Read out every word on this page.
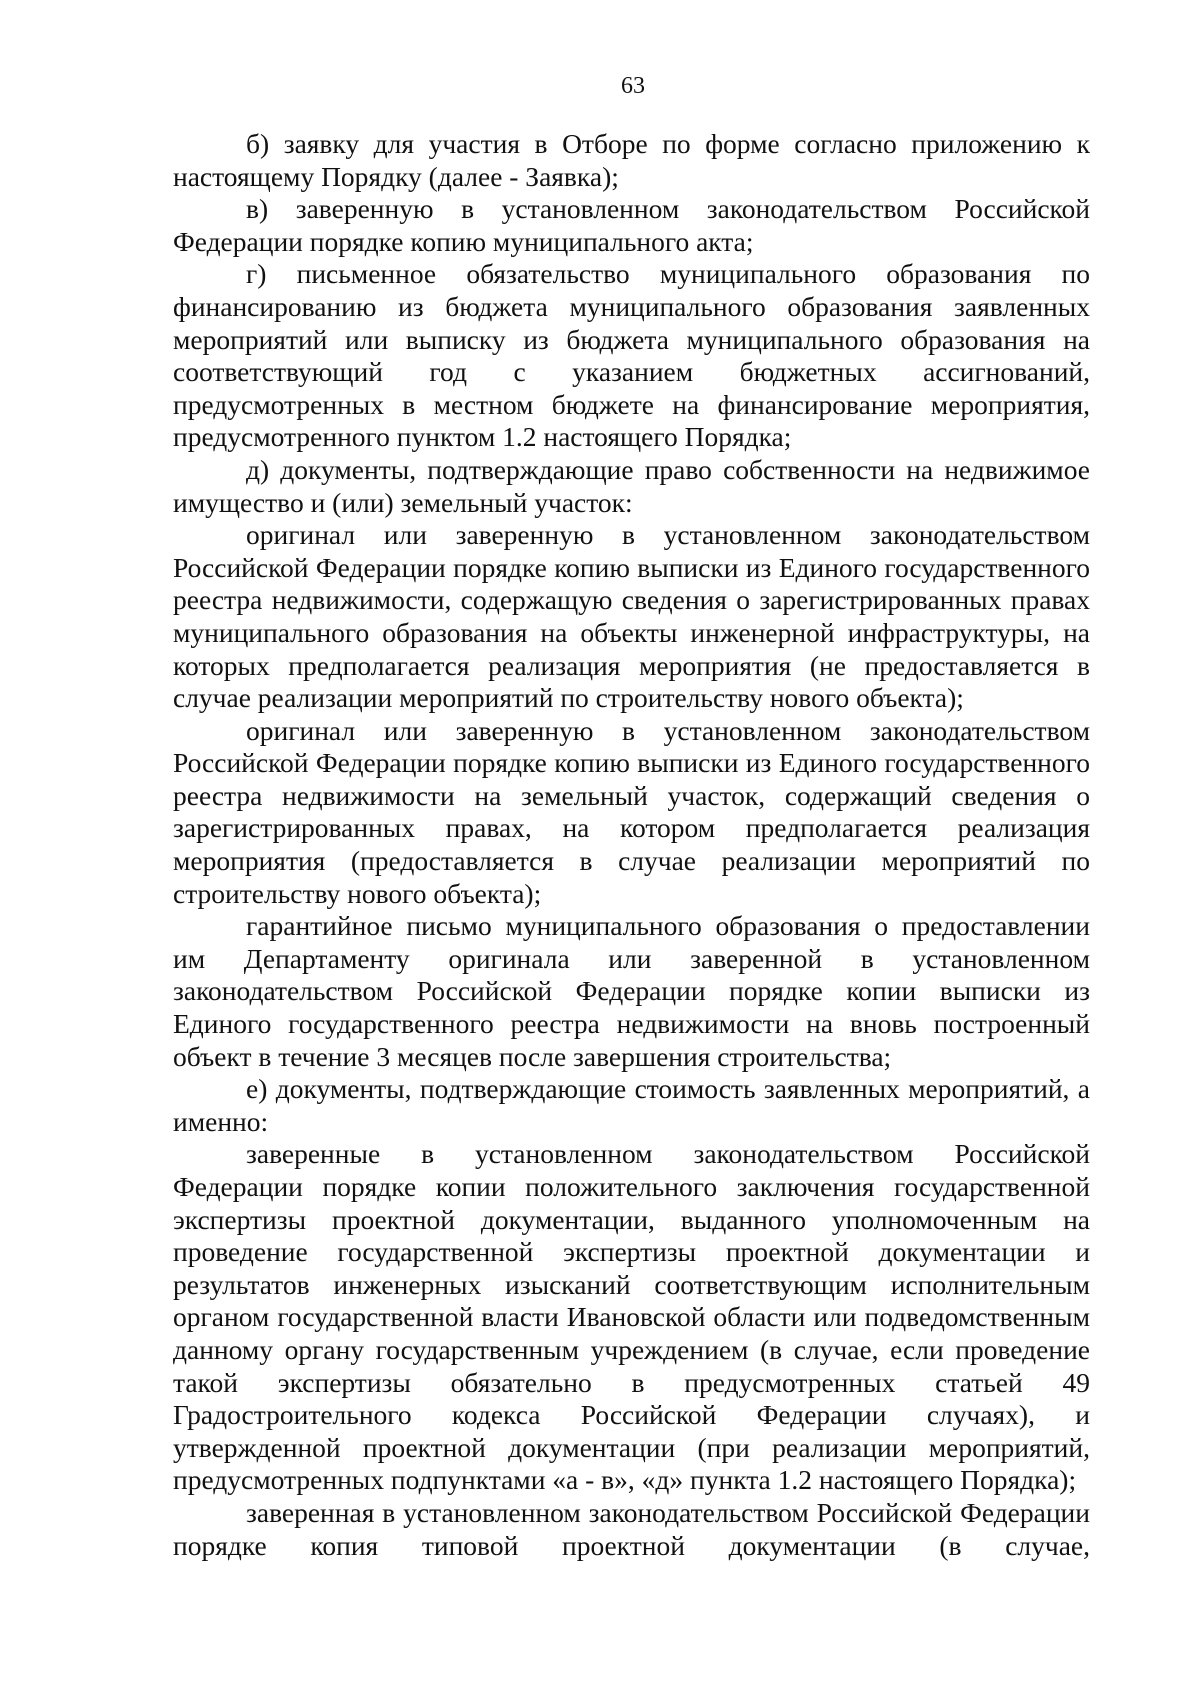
63

б) заявку для участия в Отборе по форме согласно приложению к настоящему Порядку (далее - Заявка);

в) заверенную в установленном законодательством Российской Федерации порядке копию муниципального акта;

г) письменное обязательство муниципального образования по финансированию из бюджета муниципального образования заявленных мероприятий или выписку из бюджета муниципального образования на соответствующий год с указанием бюджетных ассигнований, предусмотренных в местном бюджете на финансирование мероприятия, предусмотренного пунктом 1.2 настоящего Порядка;

д) документы, подтверждающие право собственности на недвижимое имущество и (или) земельный участок:

оригинал или заверенную в установленном законодательством Российской Федерации порядке копию выписки из Единого государственного реестра недвижимости, содержащую сведения о зарегистрированных правах муниципального образования на объекты инженерной инфраструктуры, на которых предполагается реализация мероприятия (не предоставляется в случае реализации мероприятий по строительству нового объекта);

оригинал или заверенную в установленном законодательством Российской Федерации порядке копию выписки из Единого государственного реестра недвижимости на земельный участок, содержащий сведения о зарегистрированных правах, на котором предполагается реализация мероприятия (предоставляется в случае реализации мероприятий по строительству нового объекта);

гарантийное письмо муниципального образования о предоставлении им Департаменту оригинала или заверенной в установленном законодательством Российской Федерации порядке копии выписки из Единого государственного реестра недвижимости на вновь построенный объект в течение 3 месяцев после завершения строительства;

е) документы, подтверждающие стоимость заявленных мероприятий, а именно:

заверенные в установленном законодательством Российской Федерации порядке копии положительного заключения государственной экспертизы проектной документации, выданного уполномоченным на проведение государственной экспертизы проектной документации и результатов инженерных изысканий соответствующим исполнительным органом государственной власти Ивановской области или подведомственным данному органу государственным учреждением (в случае, если проведение такой экспертизы обязательно в предусмотренных статьей 49 Градостроительного кодекса Российской Федерации случаях), и утвержденной проектной документации (при реализации мероприятий, предусмотренных подпунктами «а - в», «д» пункта 1.2 настоящего Порядка);

заверенная в установленном законодательством Российской Федерации порядке копия типовой проектной документации (в случае,
